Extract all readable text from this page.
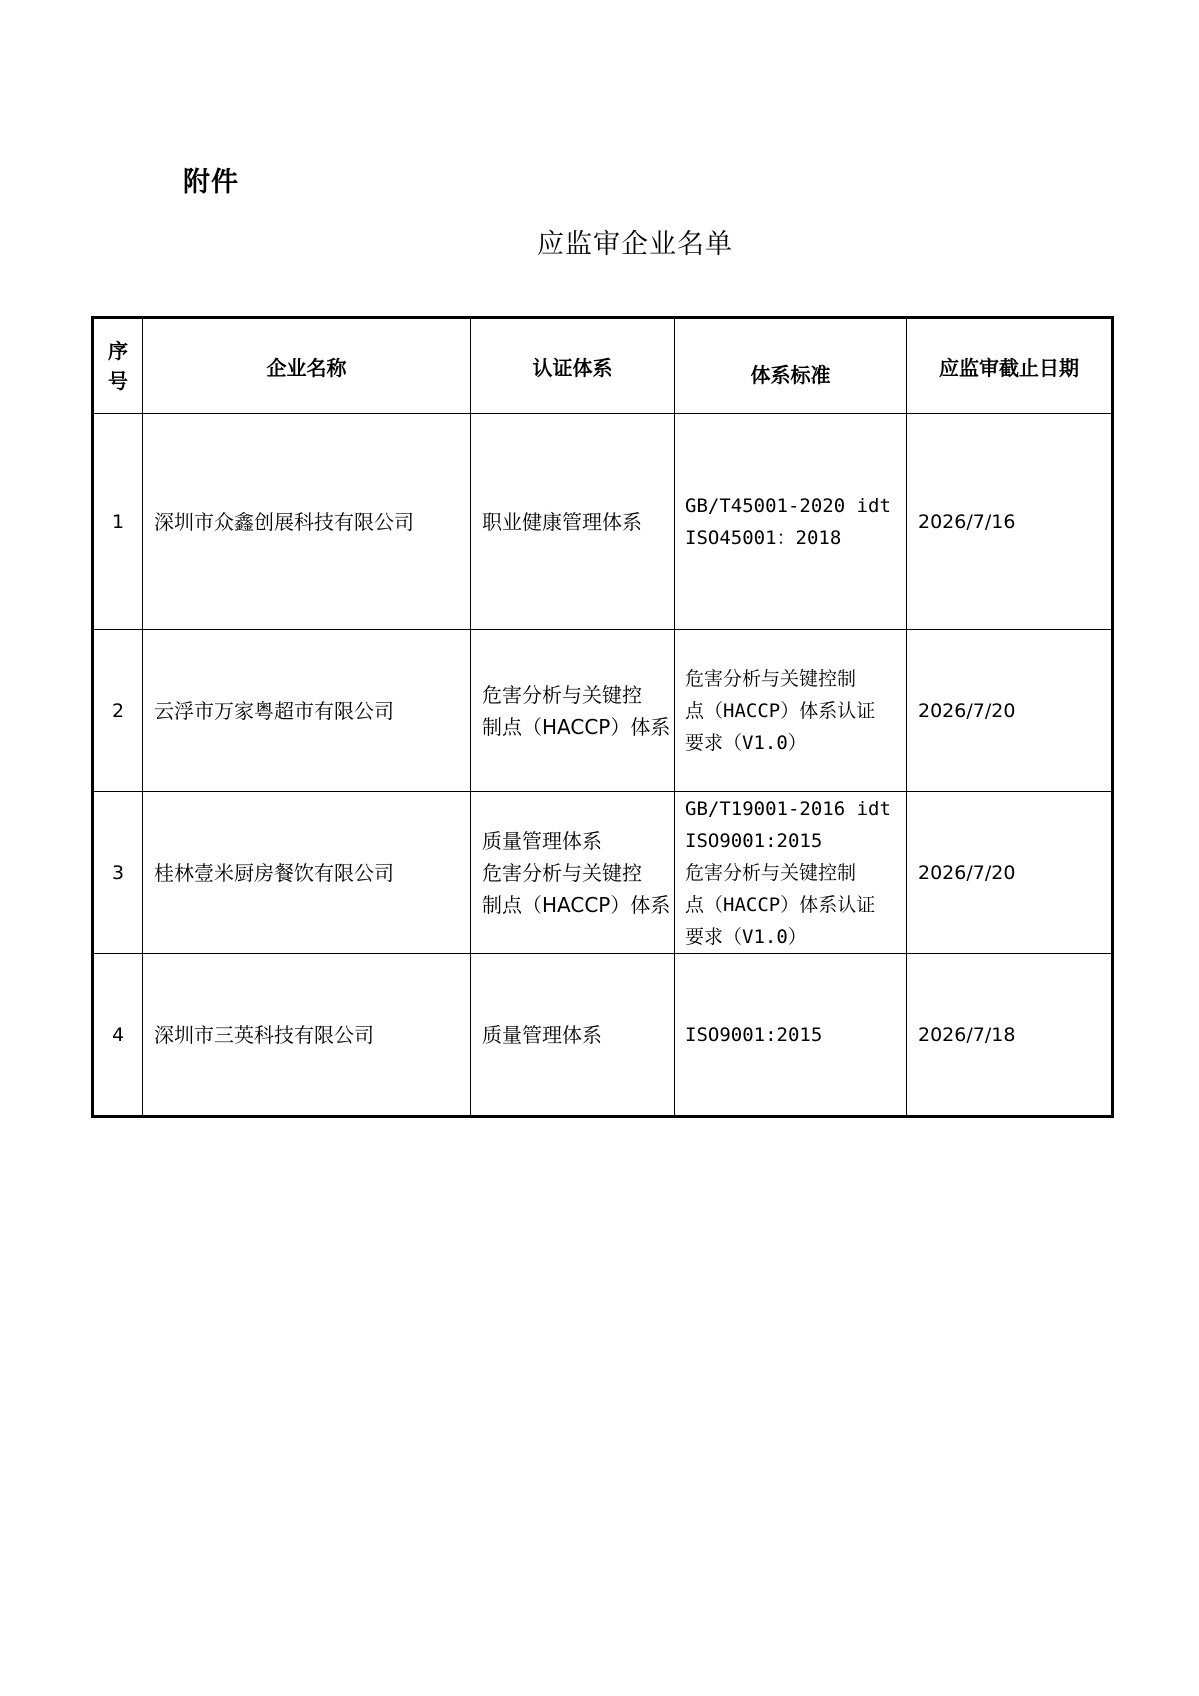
附件
应监审企业名单
序
号	企业名称	认证体系	体系标准	应监审截止日期
1	深圳市众鑫创展科技有限公司	职业健康管理体系	GB/T45001-2020 idt
ISO45001：2018	2026/7/16
2	云浮市万家粤超市有限公司	危害分析与关键控
制点（HACCP）体系	危害分析与关键控制
点（HACCP）体系认证
要求（V1.0）	2026/7/20
3	桂林壹米厨房餐饮有限公司	质量管理体系
危害分析与关键控
制点（HACCP）体系	GB/T19001-2016 idt
ISO9001:2015
危害分析与关键控制
点（HACCP）体系认证
要求（V1.0）	2026/7/20
4	深圳市三英科技有限公司	质量管理体系	ISO9001:2015	2026/7/18
